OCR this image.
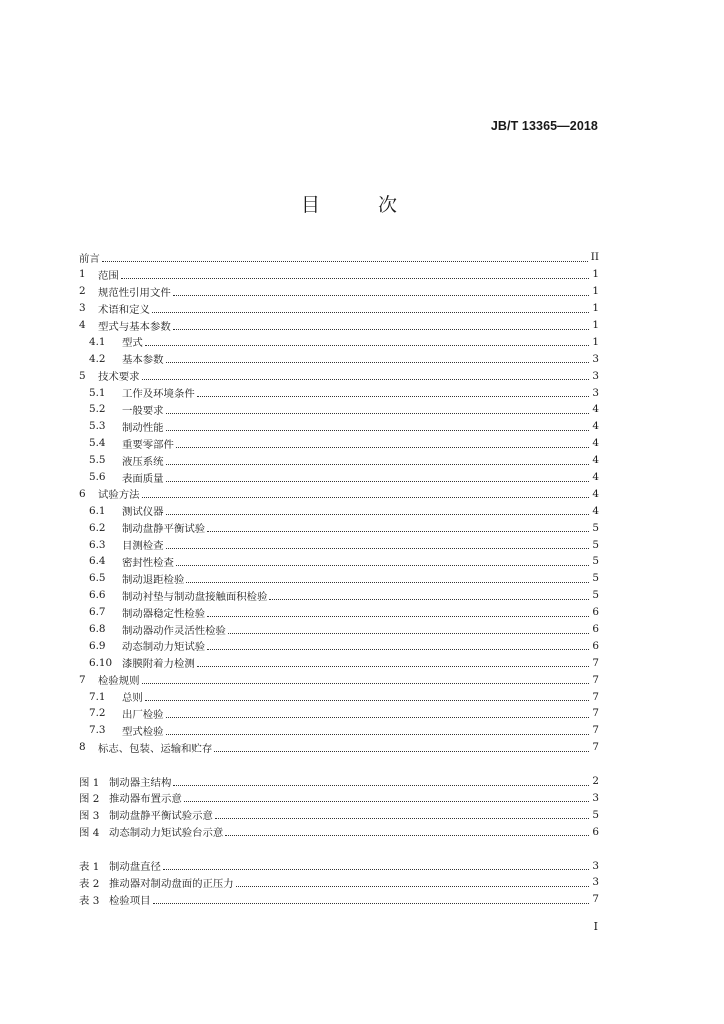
JB/T 13365—2018
目 次
前言	II
1	范围	1
2	规范性引用文件	1
3	术语和定义	1
4	型式与基本参数	1
4.1	型式	1
4.2	基本参数	3
5	技术要求	3
5.1	工作及环境条件	3
5.2	一般要求	4
5.3	制动性能	4
5.4	重要零部件	4
5.5	液压系统	4
5.6	表面质量	4
6	试验方法	4
6.1	测试仪器	4
6.2	制动盘静平衡试验	5
6.3	目测检查	5
6.4	密封性检查	5
6.5	制动退距检验	5
6.6	制动衬垫与制动盘接触面积检验	5
6.7	制动器稳定性检验	6
6.8	制动器动作灵活性检验	6
6.9	动态制动力矩试验	6
6.10 漆膜附着力检测	7
7	检验规则	7
7.1	总则	7
7.2	出厂检验	7
7.3	型式检验	7
8	标志、包装、运输和贮存	7
图 1 制动器主结构	2
图 2 推动器布置示意	3
图 3 制动盘静平衡试验示意	5
图 4 动态制动力矩试验台示意	6
表 1 制动盘直径	3
表 2 推动器对制动盘面的正压力	3
表 3 检验项目	7
I
